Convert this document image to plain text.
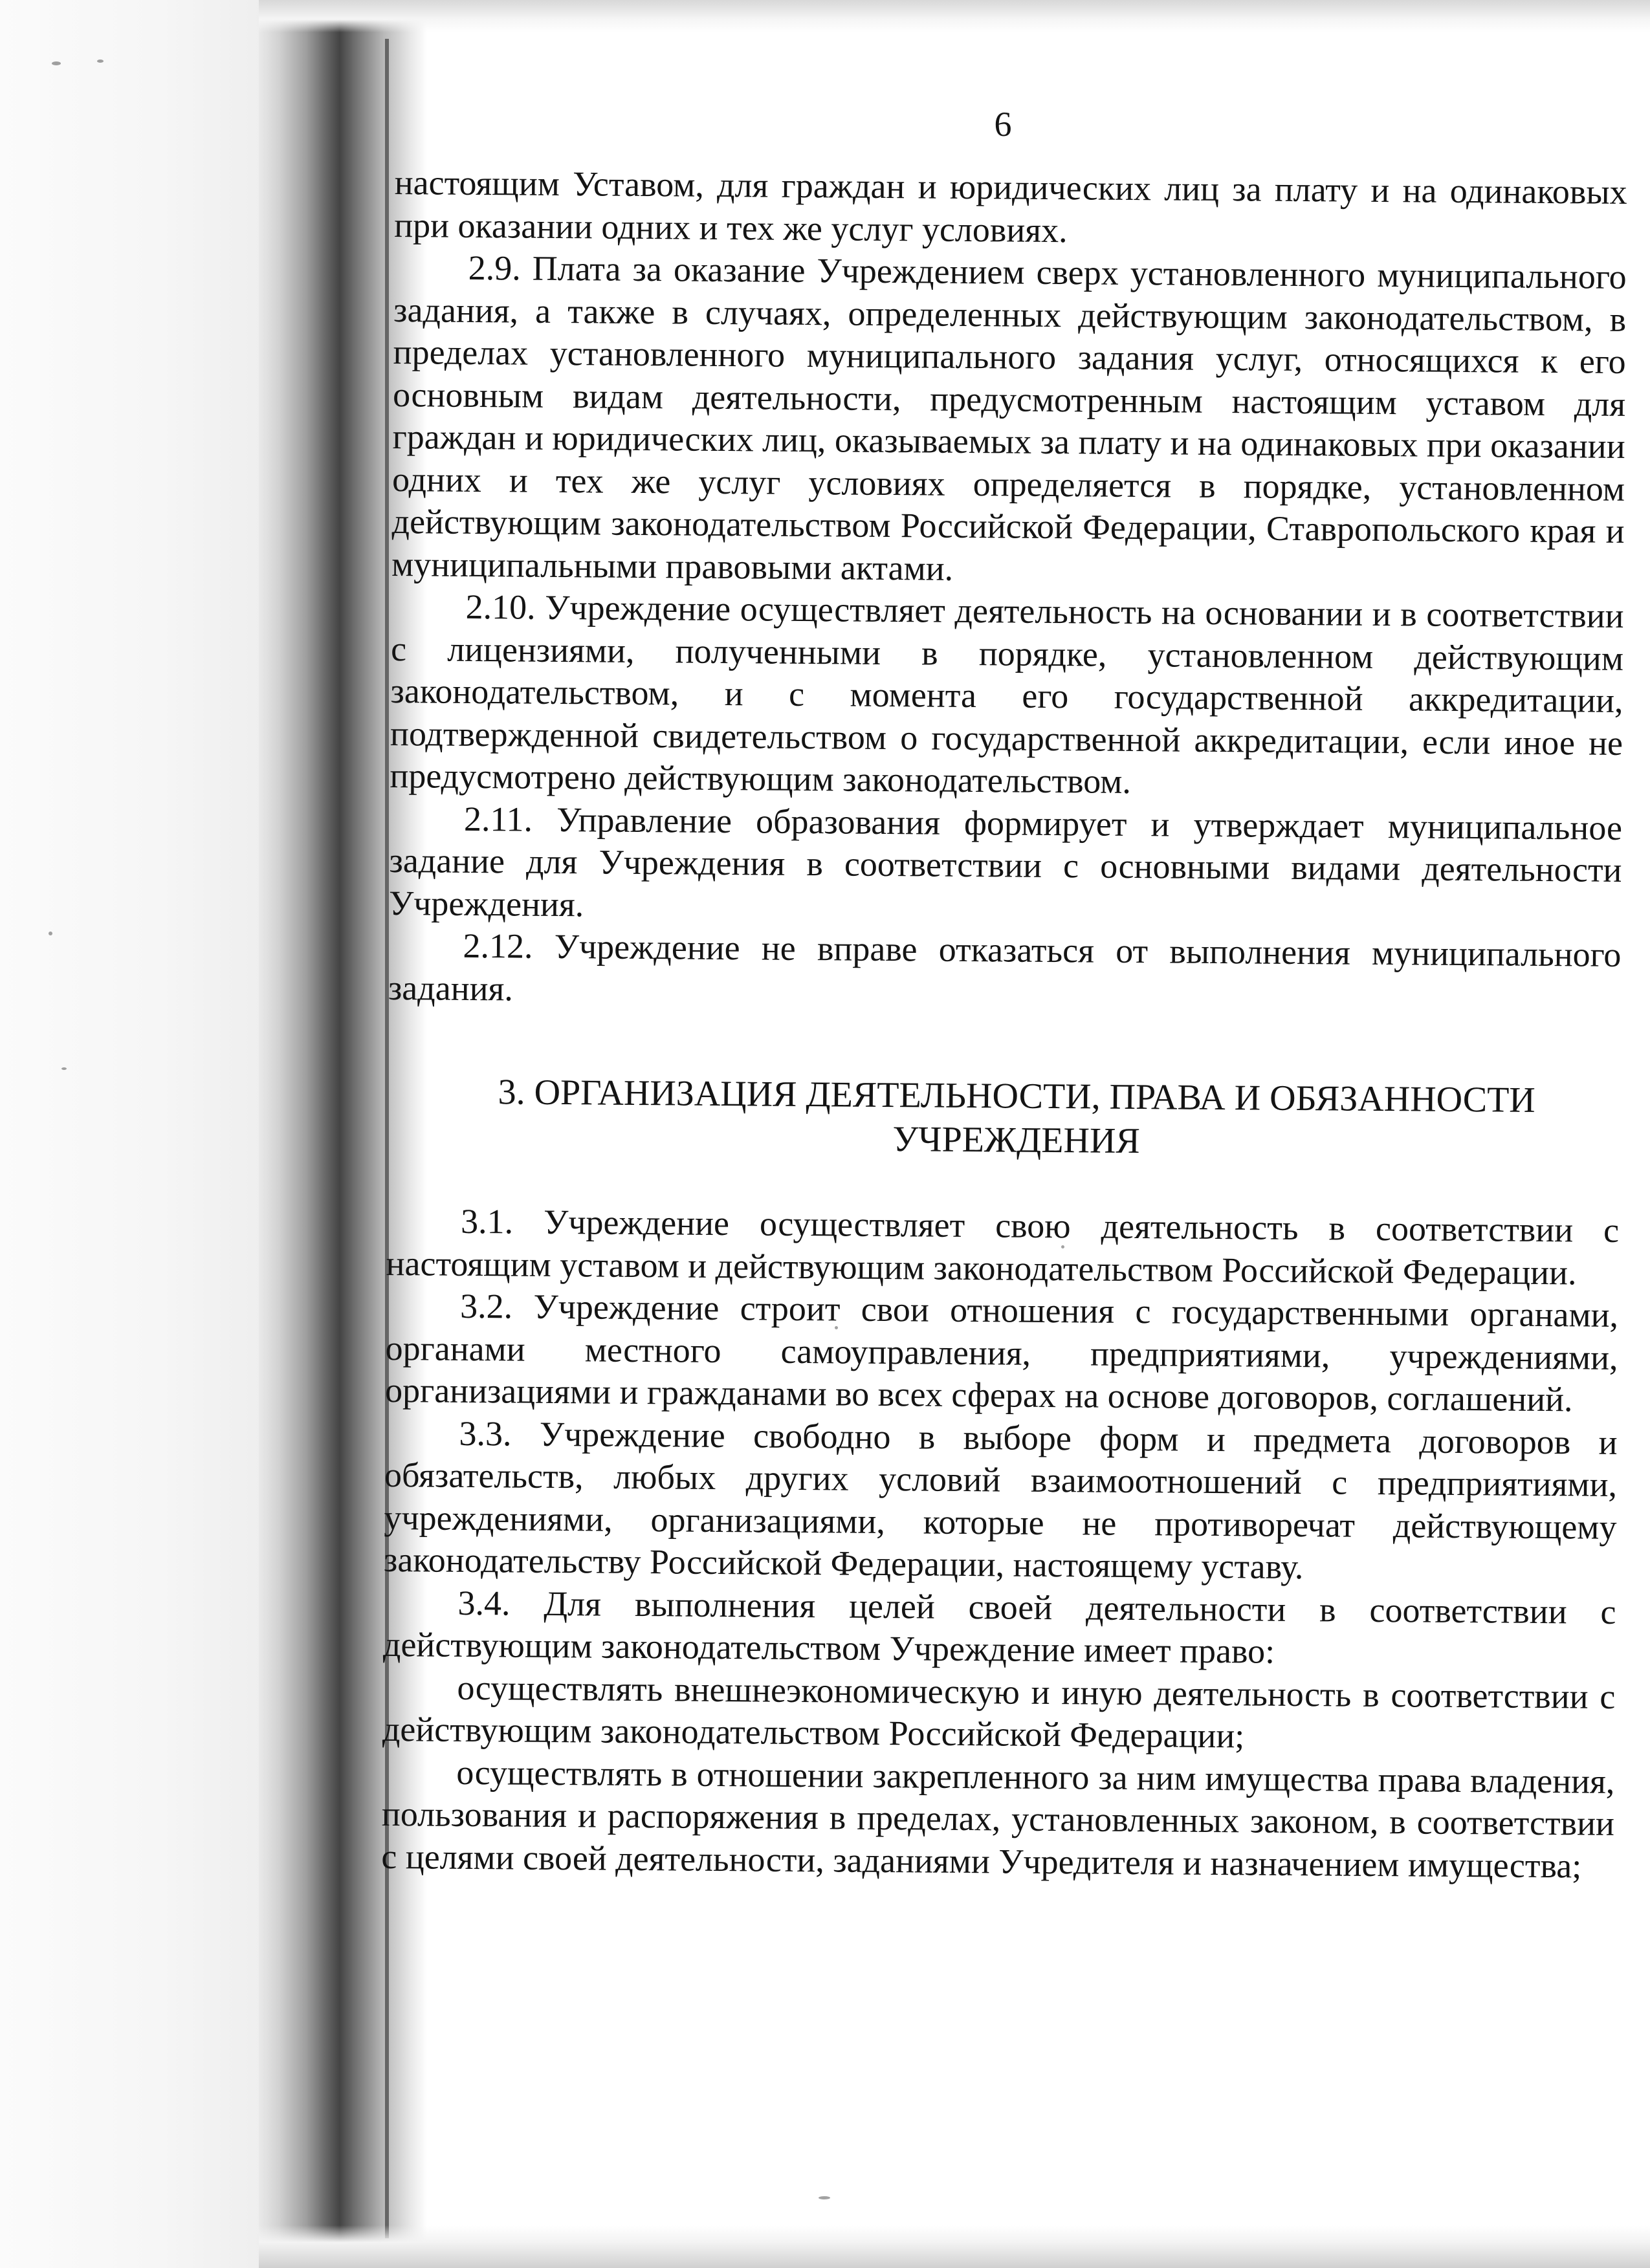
6

настоящим Уставом, для граждан и юридических лиц за плату и на одинаковых при оказании одних и тех же услуг условиях.

2.9. Плата за оказание Учреждением сверх установленного муниципального задания, а также в случаях, определенных действующим законодательством, в пределах установленного муниципального задания услуг, относящихся к его основным видам деятельности, предусмотренным настоящим уставом для граждан и юридических лиц, оказываемых за плату и на одинаковых при оказании одних и тех же услуг условиях определяется в порядке, установленном действующим законодательством Российской Федерации, Ставропольского края и муниципальными правовыми актами.

2.10. Учреждение осуществляет деятельность на основании и в соответствии с лицензиями, полученными в порядке, установленном действующим законодательством, и с момента его государственной аккредитации, подтвержденной свидетельством о государственной аккредитации, если иное не предусмотрено действующим законодательством.

2.11. Управление образования формирует и утверждает муниципальное задание для Учреждения в соответствии с основными видами деятельности Учреждения.

2.12. Учреждение не вправе отказаться от выполнения муниципального задания.

3. ОРГАНИЗАЦИЯ ДЕЯТЕЛЬНОСТИ, ПРАВА И ОБЯЗАННОСТИ
УЧРЕЖДЕНИЯ

3.1. Учреждение осуществляет свою деятельность в соответствии с настоящим уставом и действующим законодательством Российской Федерации.

3.2. Учреждение строит свои отношения с государственными органами, органами местного самоуправления, предприятиями, учреждениями, организациями и гражданами во всех сферах на основе договоров, соглашений.

3.3. Учреждение свободно в выборе форм и предмета договоров и обязательств, любых других условий взаимоотношений с предприятиями, учреждениями, организациями, которые не противоречат действующему законодательству Российской Федерации, настоящему уставу.

3.4. Для выполнения целей своей деятельности в соответствии с действующим законодательством Учреждение имеет право:

осуществлять внешнеэкономическую и иную деятельность в соответствии с действующим законодательством Российской Федерации;

осуществлять в отношении закрепленного за ним имущества права владения, пользования и распоряжения в пределах, установленных законом, в соответствии с целями своей деятельности, заданиями Учредителя и назначением имущества;
